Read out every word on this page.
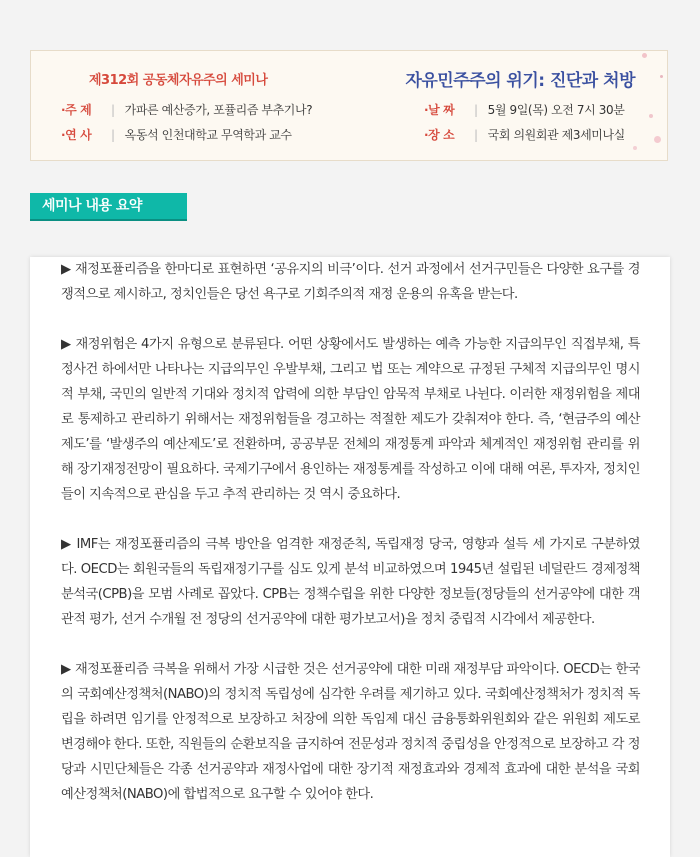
제312회 공동체자유주의 세미나	자유민주주의 위기: 진단과 처방
·주 제	| 가파른 예산증가, 포퓰리즘 부추기나?
·연 사	| 옥동석 인천대학교 무역학과 교수
·날 짜	| 5월 9일(목) 오전 7시 30분
·장 소	| 국회 의원회관 제3세미나실
세미나 내용 요약

▶ 재정포퓰리즘을 한마디로 표현하면 ‘공유지의 비극’이다. 선거 과정에서 선거구민들은 다양한 요구를 경쟁적으로 제시하고, 정치인들은 당선 욕구로 기회주의적 재정 운용의 유혹을 받는다.

▶ 재정위험은 4가지 유형으로 분류된다. 어떤 상황에서도 발생하는 예측 가능한 지급의무인 직접부채, 특정사건 하에서만 나타나는 지급의무인 우발부채, 그리고 법 또는 계약으로 규정된 구체적 지급의무인 명시적 부채, 국민의 일반적 기대와 정치적 압력에 의한 부담인 암묵적 부채로 나뉜다. 이러한 재정위험을 제대로 통제하고 관리하기 위해서는 재정위험들을 경고하는 적절한 제도가 갖춰져야 한다. 즉, ‘현금주의 예산제도’를 ‘발생주의 예산제도’로 전환하며, 공공부문 전체의 재정통계 파악과 체계적인 재정위험 관리를 위해 장기재정전망이 필요하다. 국제기구에서 용인하는 재정통계를 작성하고 이에 대해 여론, 투자자, 정치인들이 지속적으로 관심을 두고 추적 관리하는 것 역시 중요하다.

▶ IMF는 재정포퓰리즘의 극복 방안을 엄격한 재정준칙, 독립재정 당국, 영향과 설득 세 가지로 구분하였다. OECD는 회원국들의 독립재정기구를 심도 있게 분석 비교하였으며 1945년 설립된 네덜란드 경제정책분석국(CPB)을 모범 사례로 꼽았다. CPB는 정책수립을 위한 다양한 정보들(정당들의 선거공약에 대한 객관적 평가, 선거 수개월 전 정당의 선거공약에 대한 평가보고서)을 정치 중립적 시각에서 제공한다.

▶ 재정포퓰리즘 극복을 위해서 가장 시급한 것은 선거공약에 대한 미래 재정부담 파악이다. OECD는 한국의 국회예산정책처(NABO)의 정치적 독립성에 심각한 우려를 제기하고 있다. 국회예산정책처가 정치적 독립을 하려면 임기를 안정적으로 보장하고 처장에 의한 독임제 대신 금융통화위원회와 같은 위원회 제도로 변경해야 한다. 또한, 직원들의 순환보직을 금지하여 전문성과 정치적 중립성을 안정적으로 보장하고 각 정당과 시민단체들은 각종 선거공약과 재정사업에 대한 장기적 재정효과와 경제적 효과에 대한 분석을 국회예산정책처(NABO)에 합법적으로 요구할 수 있어야 한다.
